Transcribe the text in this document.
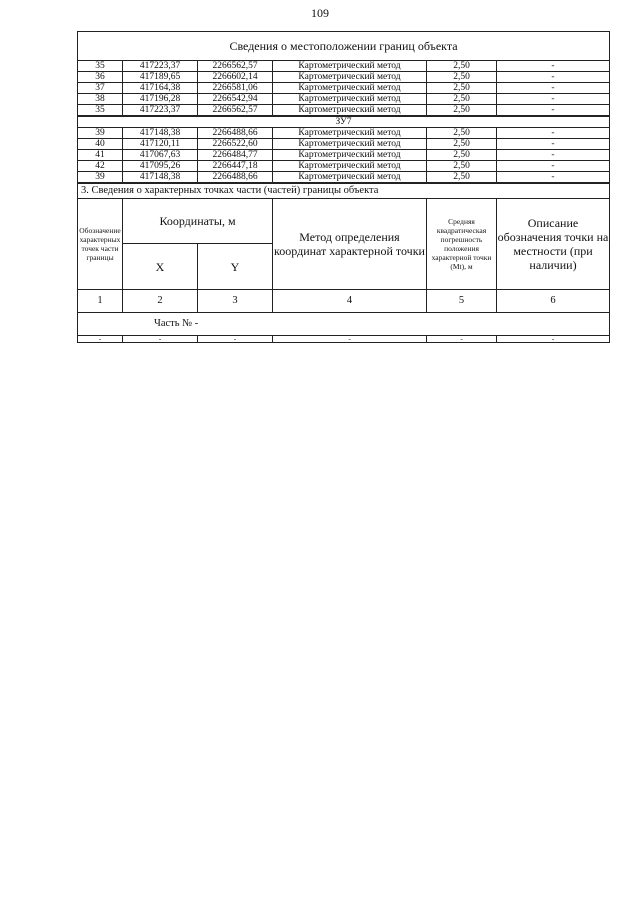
109
Сведения о местоположении границ объекта					
35	417223,37	2266562,57	Картометрический метод	2,50	-
36	417189,65	2266602,14	Картометрический метод	2,50	-
37	417164,38	2266581,06	Картометрический метод	2,50	-
38	417196,28	2266542,94	Картометрический метод	2,50	-
35	417223,37	2266562,57	Картометрический метод	2,50	-
ЗУ7					
39	417148,38	2266488,66	Картометрический метод	2,50	-
40	417120,11	2266522,60	Картометрический метод	2,50	-
41	417067,63	2266484,77	Картометрический метод	2,50	-
42	417095,26	2266447,18	Картометрический метод	2,50	-
39	417148,38	2266488,66	Картометрический метод	2,50	-
3. Сведения о характерных точках части (частей) границы объекта					
Обозначение характерных точек части границы	Координаты, м		Метод определения координат характерной точки	Средняя квадратическая погрешность положения характерной точки (Mt), м	Описание обозначения точки на местности (при наличии)
	X	Y			
1	2	3	4	5	6
Часть № -					
-	-	-	-	-	-
